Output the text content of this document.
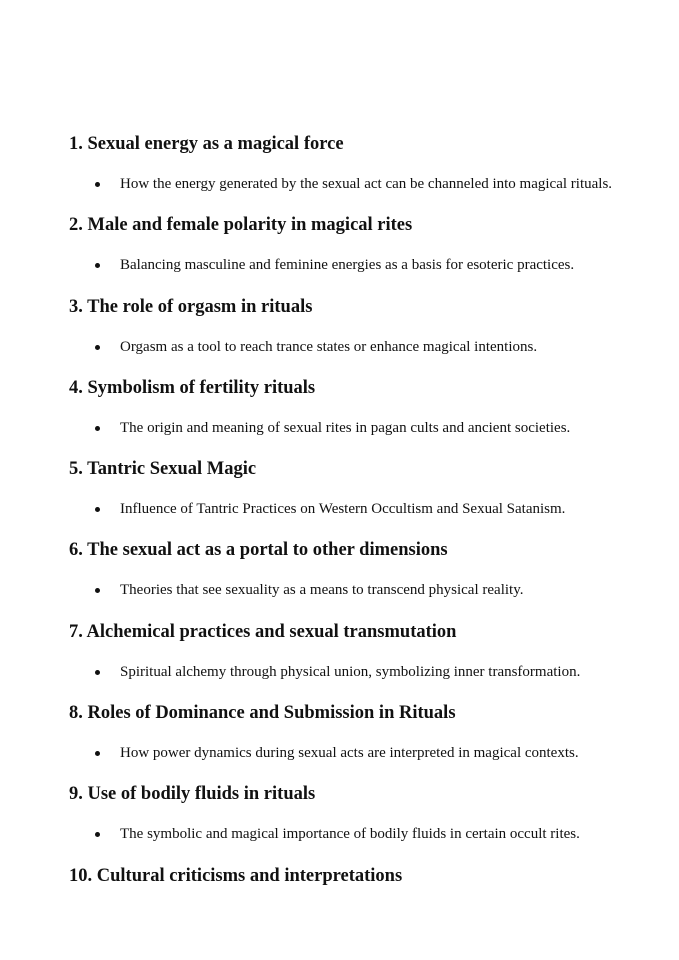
1. Sexual energy as a magical force
How the energy generated by the sexual act can be channeled into magical rituals.
2. Male and female polarity in magical rites
Balancing masculine and feminine energies as a basis for esoteric practices.
3. The role of orgasm in rituals
Orgasm as a tool to reach trance states or enhance magical intentions.
4. Symbolism of fertility rituals
The origin and meaning of sexual rites in pagan cults and ancient societies.
5. Tantric Sexual Magic
Influence of Tantric Practices on Western Occultism and Sexual Satanism.
6. The sexual act as a portal to other dimensions
Theories that see sexuality as a means to transcend physical reality.
7. Alchemical practices and sexual transmutation
Spiritual alchemy through physical union, symbolizing inner transformation.
8. Roles of Dominance and Submission in Rituals
How power dynamics during sexual acts are interpreted in magical contexts.
9. Use of bodily fluids in rituals
The symbolic and magical importance of bodily fluids in certain occult rites.
10. Cultural criticisms and interpretations
